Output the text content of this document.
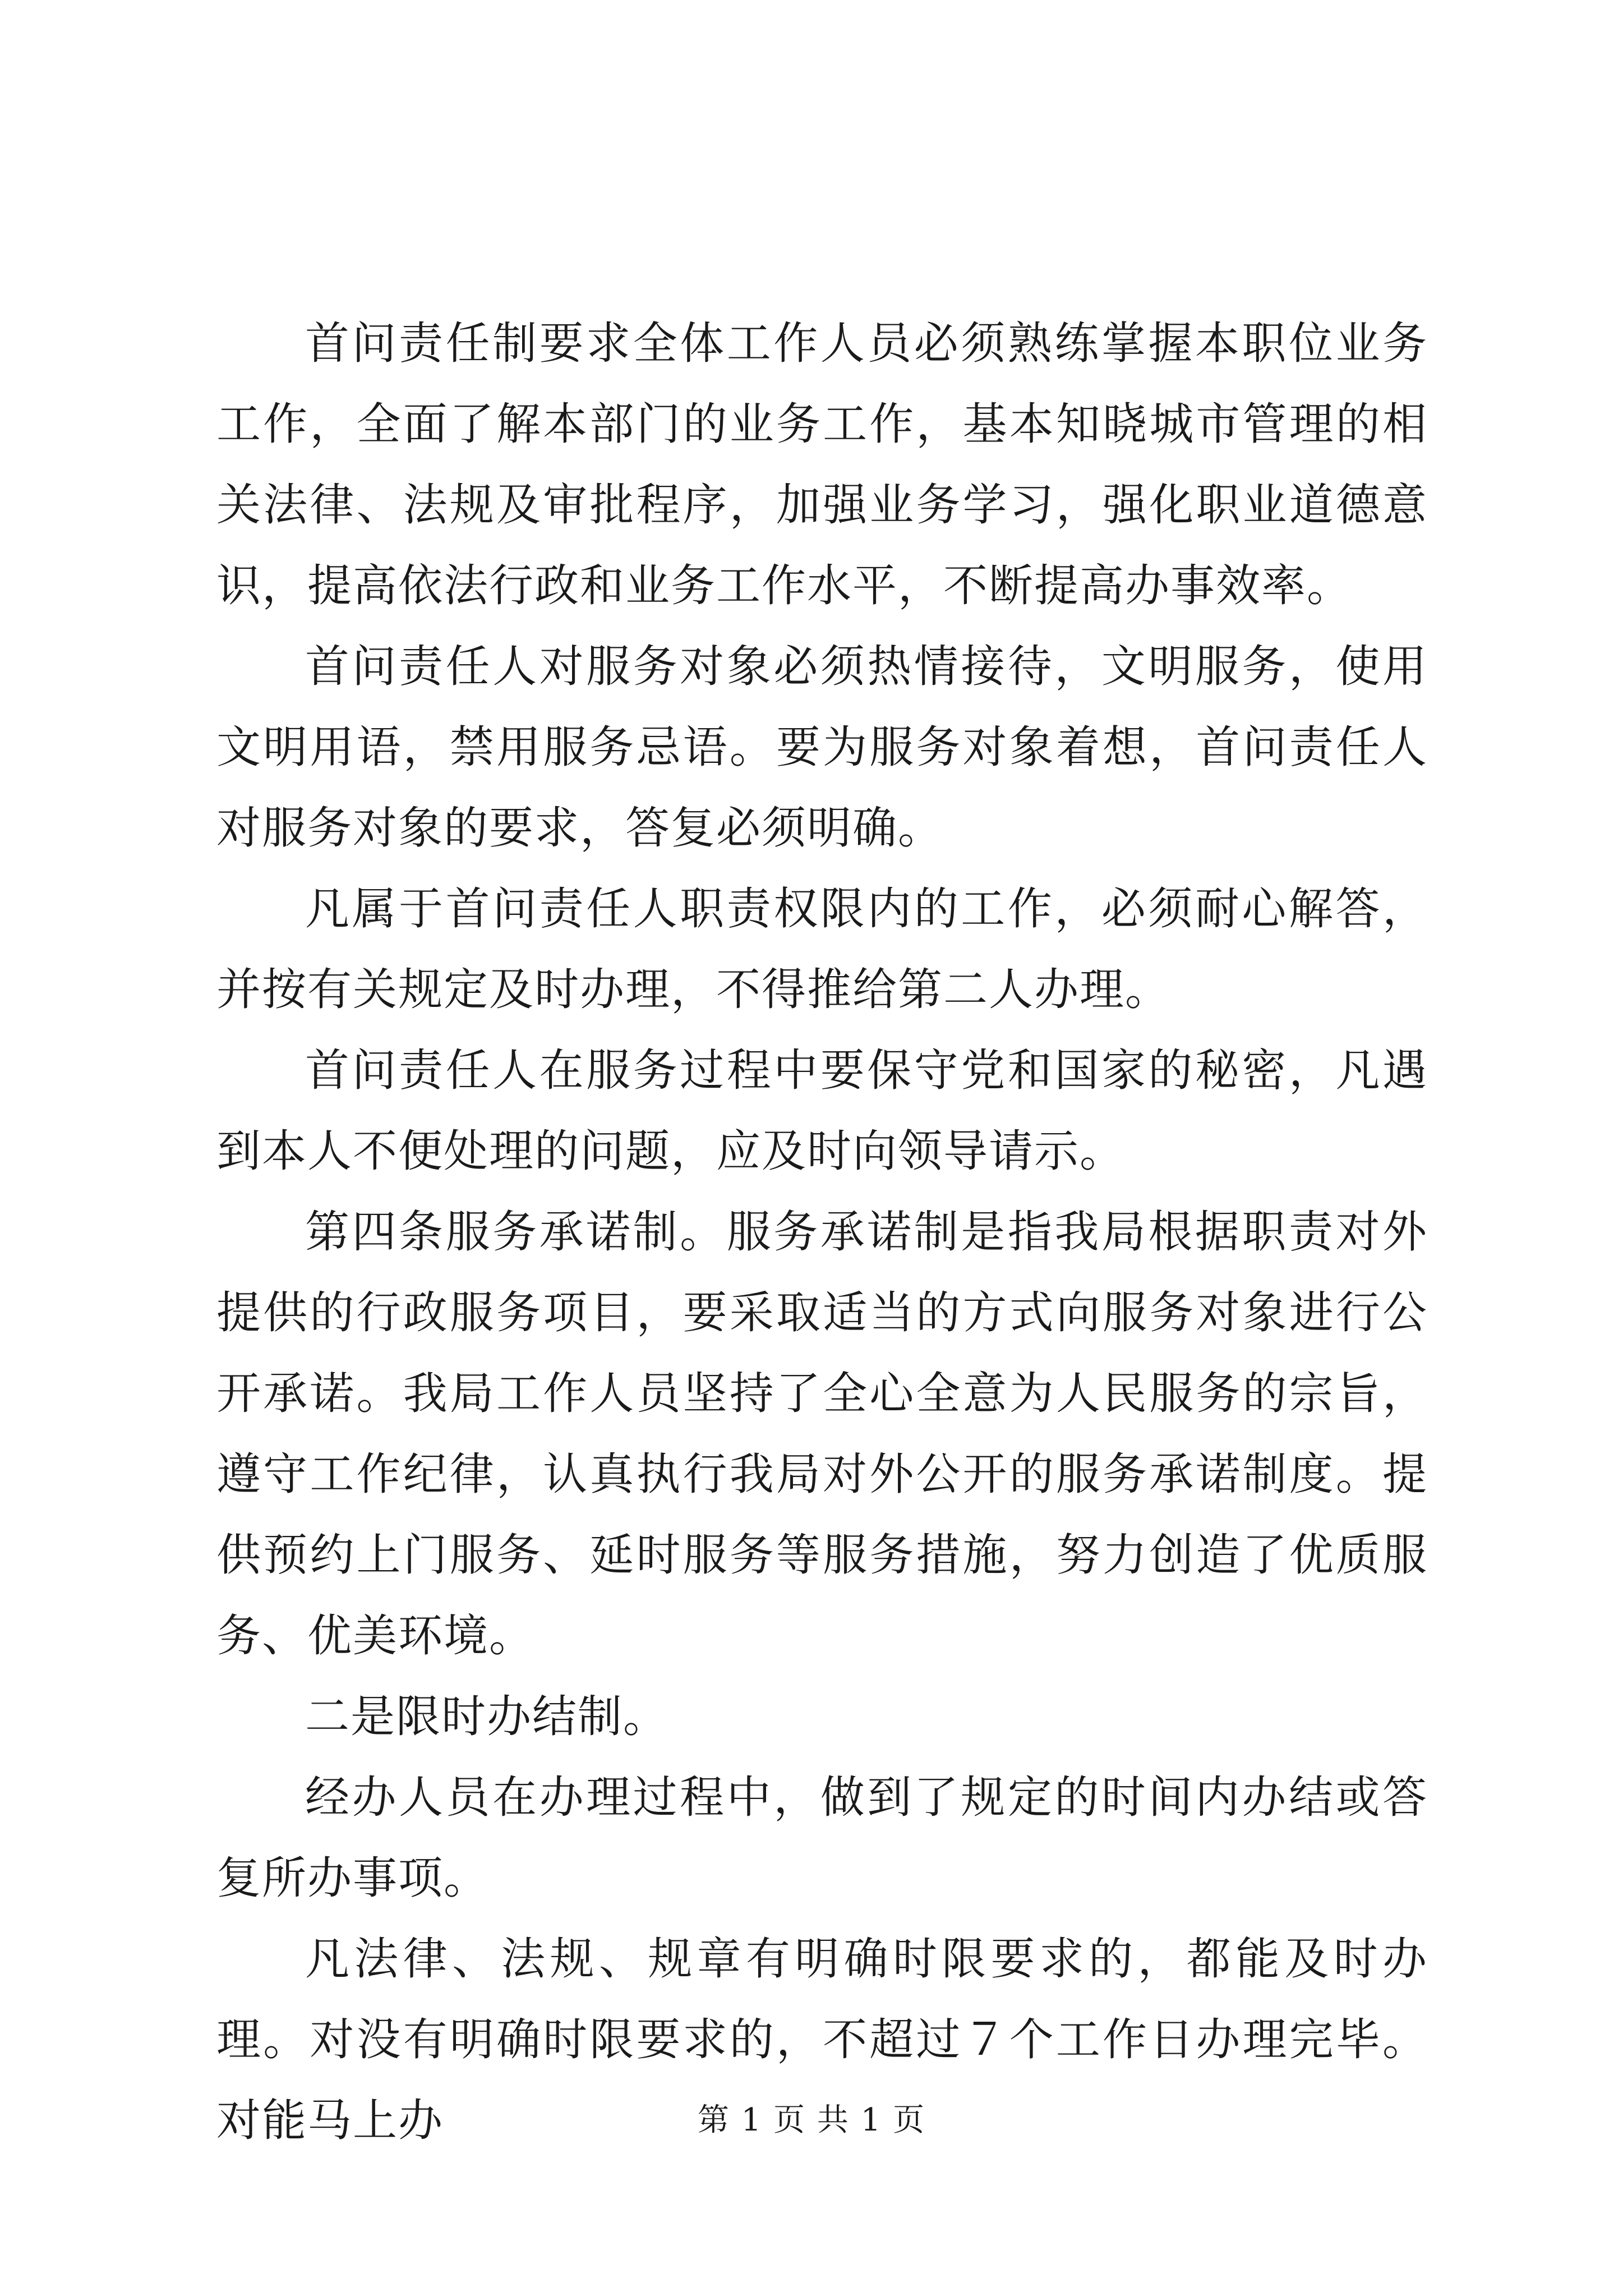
首问责任制要求全体工作人员必须熟练掌握本职位业务工作，全面了解本部门的业务工作，基本知晓城市管理的相关法律、法规及审批程序，加强业务学习，强化职业道德意识，提高依法行政和业务工作水平，不断提高办事效率。

首问责任人对服务对象必须热情接待，文明服务，使用文明用语，禁用服务忌语。要为服务对象着想，首问责任人对服务对象的要求，答复必须明确。

凡属于首问责任人职责权限内的工作，必须耐心解答，并按有关规定及时办理，不得推给第二人办理。

首问责任人在服务过程中要保守党和国家的秘密，凡遇到本人不便处理的问题，应及时向领导请示。

第四条服务承诺制。服务承诺制是指我局根据职责对外提供的行政服务项目，要采取适当的方式向服务对象进行公开承诺。我局工作人员坚持了全心全意为人民服务的宗旨，遵守工作纪律，认真执行我局对外公开的服务承诺制度。提供预约上门服务、延时服务等服务措施，努力创造了优质服务、优美环境。

二是限时办结制。

经办人员在办理过程中，做到了规定的时间内办结或答复所办事项。

凡法律、法规、规章有明确时限要求的，都能及时办理。对没有明确时限要求的，不超过７个工作日办理完毕。对能马上办	第 1 页 共 1 页
